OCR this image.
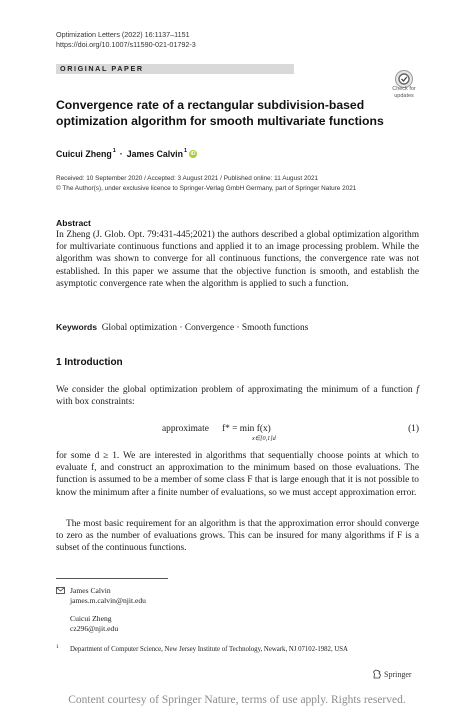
Optimization Letters (2022) 16:1137–1151
https://doi.org/10.1007/s11590-021-01792-3
ORIGINAL PAPER
Check for
updates
Convergence rate of a rectangular subdivision-based
optimization algorithm for smooth multivariate functions
Cuicui Zheng$^1$ · James Calvin$^1$ iD
Received: 10 September 2020 / Accepted: 3 August 2021 / Published online: 11 August 2021
© The Author(s), under exclusive licence to Springer-Verlag GmbH Germany, part of Springer Nature 2021
Abstract
In Zheng (J. Glob. Opt. 79:431-445;2021) the authors described a global optimization algorithm for multivariate continuous functions and applied it to an image processing problem. While the algorithm was shown to converge for all continuous functions, the convergence rate was not established. In this paper we assume that the objective function is smooth, and establish the asymptotic convergence rate when the algorithm is applied to such a function.
Keywords Global optimization · Convergence · Smooth functions
1 Introduction
We consider the global optimization problem of approximating the minimum of a function f with box constraints:
approximate f* = min f(x)
x∈[0,1]d
(1)
for some d ≥ 1. We are interested in algorithms that sequentially choose points at which to evaluate f, and construct an approximation to the minimum based on those evaluations. The function is assumed to be a member of some class F that is large enough that it is not possible to know the minimum after a finite number of evaluations, so we must accept approximation error.
The most basic requirement for an algorithm is that the approximation error should converge to zero as the number of evaluations grows. This can be insured for many algorithms if F is a subset of the continuous functions.
James Calvin
james.m.calvin@njit.edu
Cuicui Zheng
cz296@njit.edu
1 Department of Computer Science, New Jersey Institute of Technology, Newark, NJ 07102-1982, USA
Springer
Content courtesy of Springer Nature, terms of use apply. Rights reserved.
